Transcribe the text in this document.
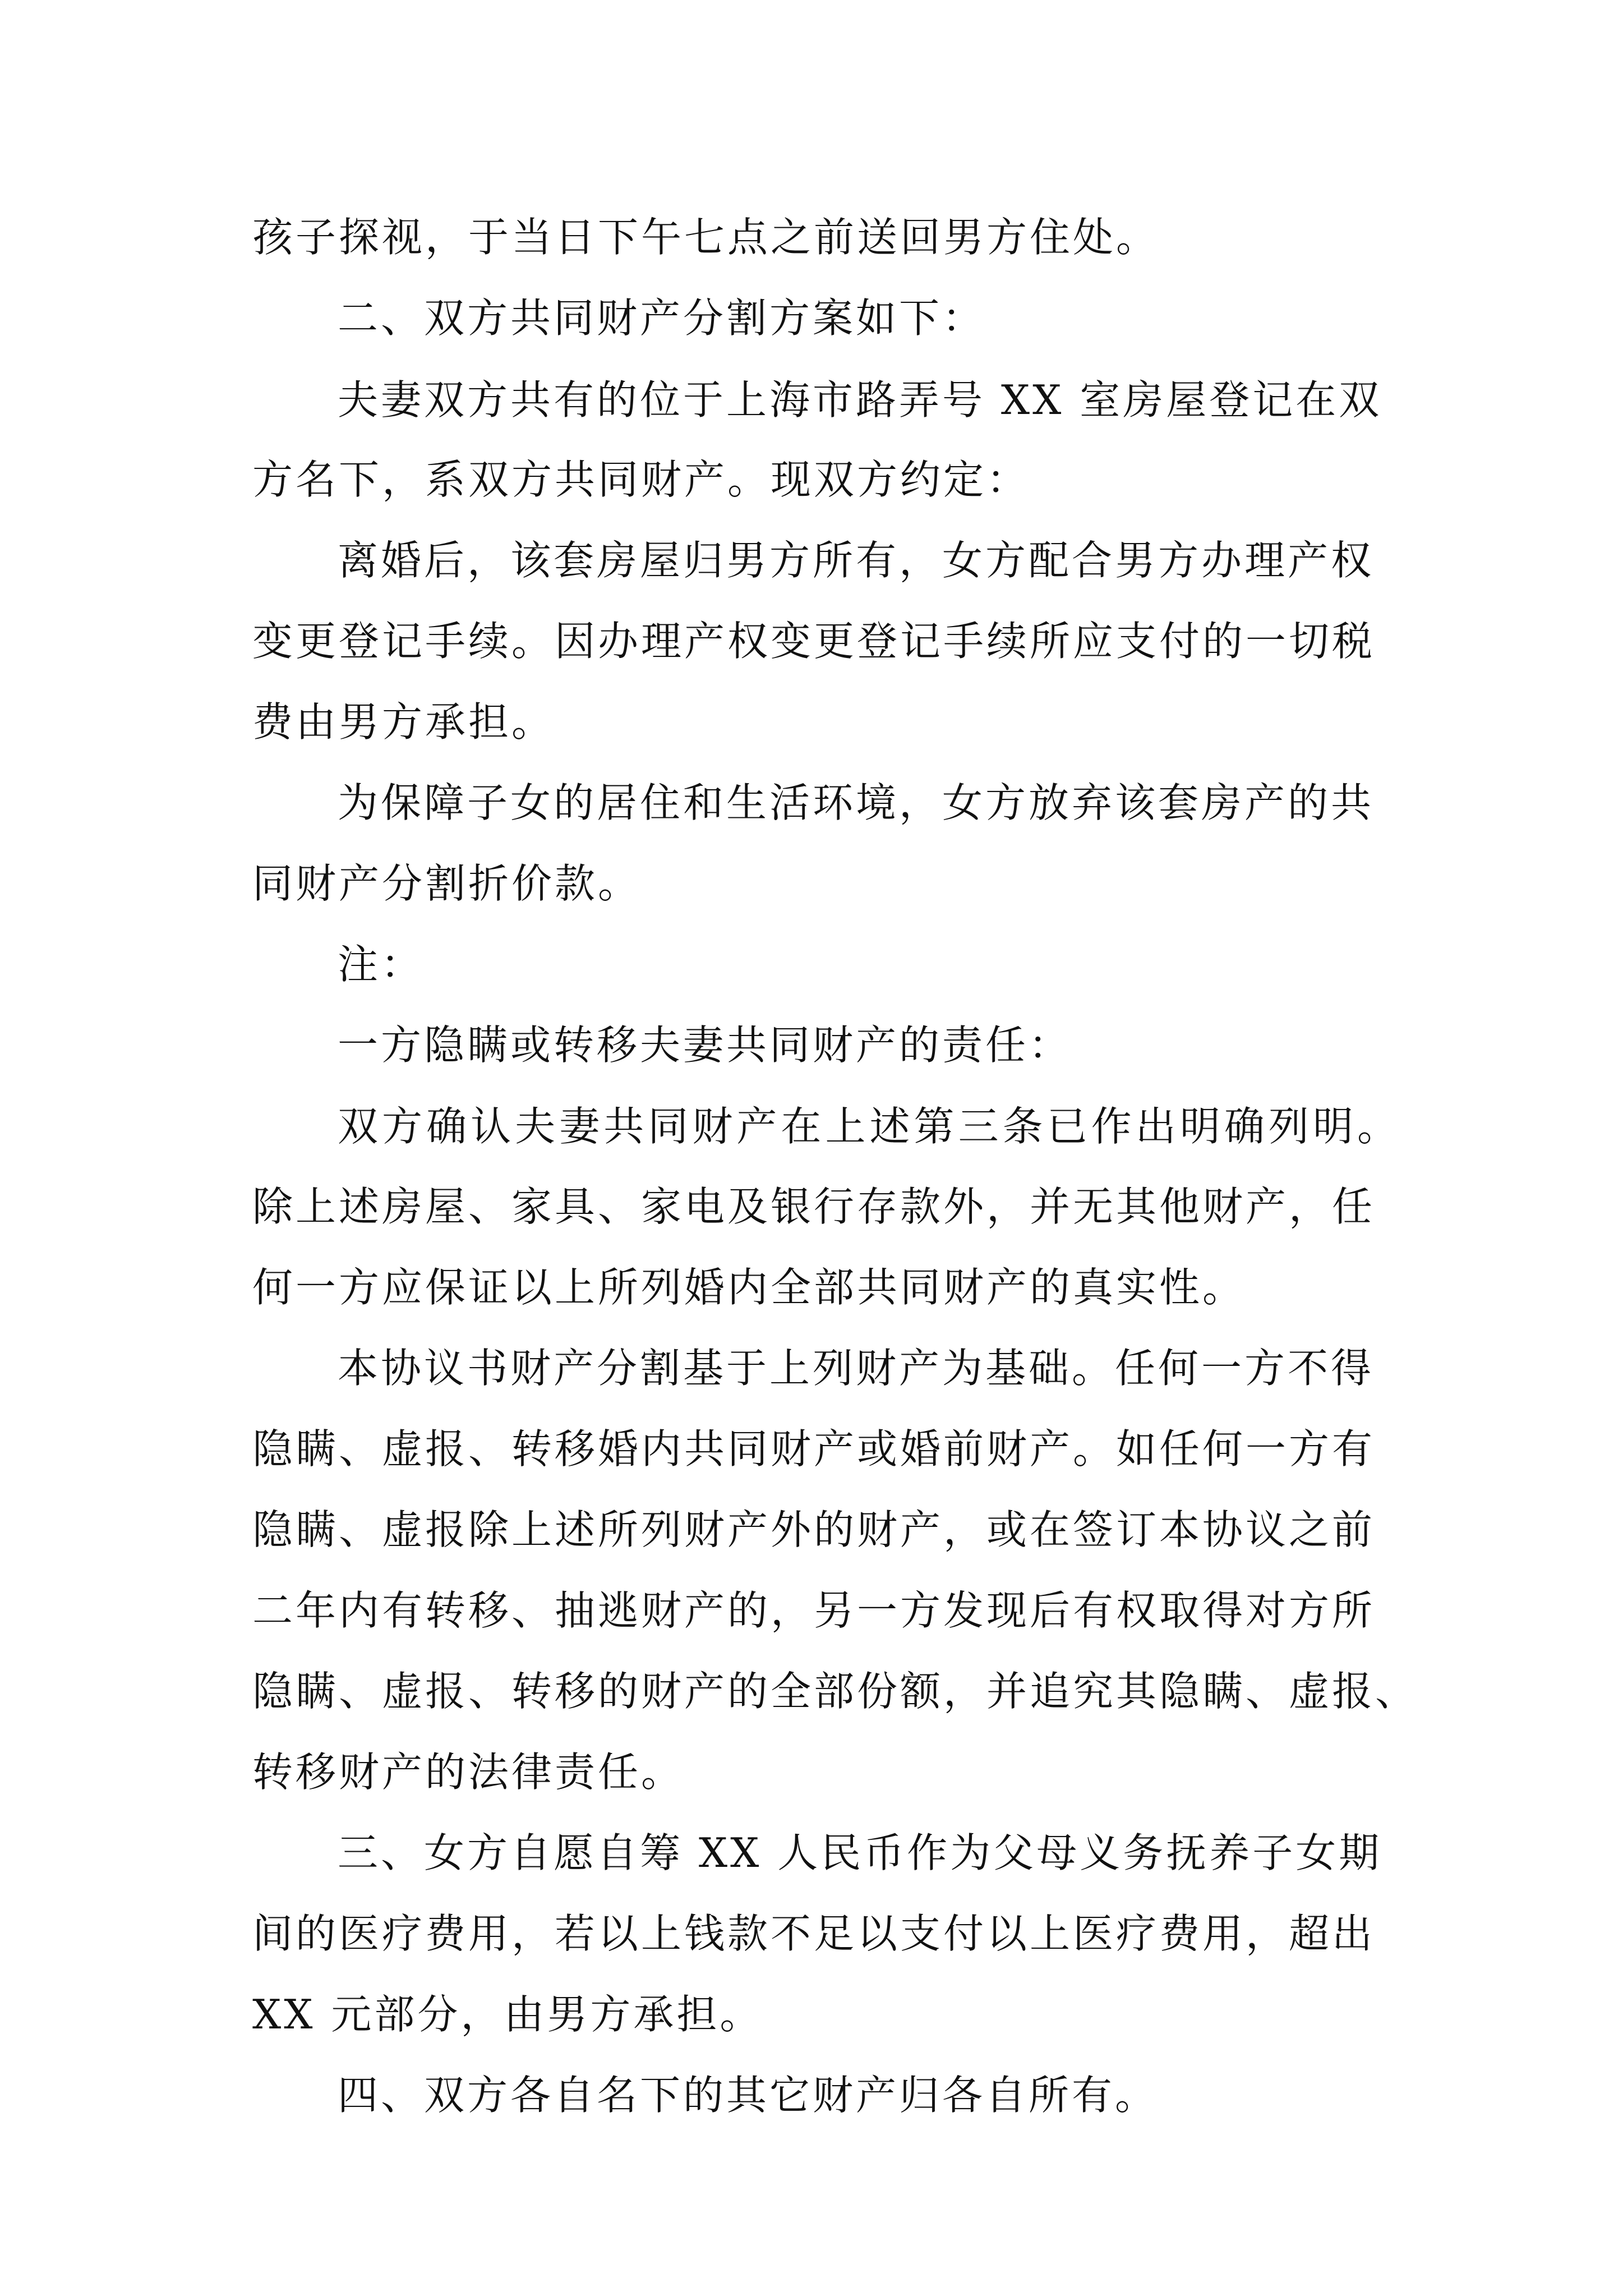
孩子探视，于当日下午七点之前送回男方住处。
二、双方共同财产分割方案如下：
夫妻双方共有的位于上海市路弄号 XX 室房屋登记在双
方名下，系双方共同财产。现双方约定：
离婚后，该套房屋归男方所有，女方配合男方办理产权
变更登记手续。因办理产权变更登记手续所应支付的一切税
费由男方承担。
为保障子女的居住和生活环境，女方放弃该套房产的共
同财产分割折价款。
注：
一方隐瞒或转移夫妻共同财产的责任：
双方确认夫妻共同财产在上述第三条已作出明确列明。
除上述房屋、家具、家电及银行存款外，并无其他财产，任
何一方应保证以上所列婚内全部共同财产的真实性。
本协议书财产分割基于上列财产为基础。任何一方不得
隐瞒、虚报、转移婚内共同财产或婚前财产。如任何一方有
隐瞒、虚报除上述所列财产外的财产，或在签订本协议之前
二年内有转移、抽逃财产的，另一方发现后有权取得对方所
隐瞒、虚报、转移的财产的全部份额，并追究其隐瞒、虚报、
转移财产的法律责任。
三、女方自愿自筹 XX 人民币作为父母义务抚养子女期
间的医疗费用，若以上钱款不足以支付以上医疗费用，超出
XX 元部分，由男方承担。
四、双方各自名下的其它财产归各自所有。
